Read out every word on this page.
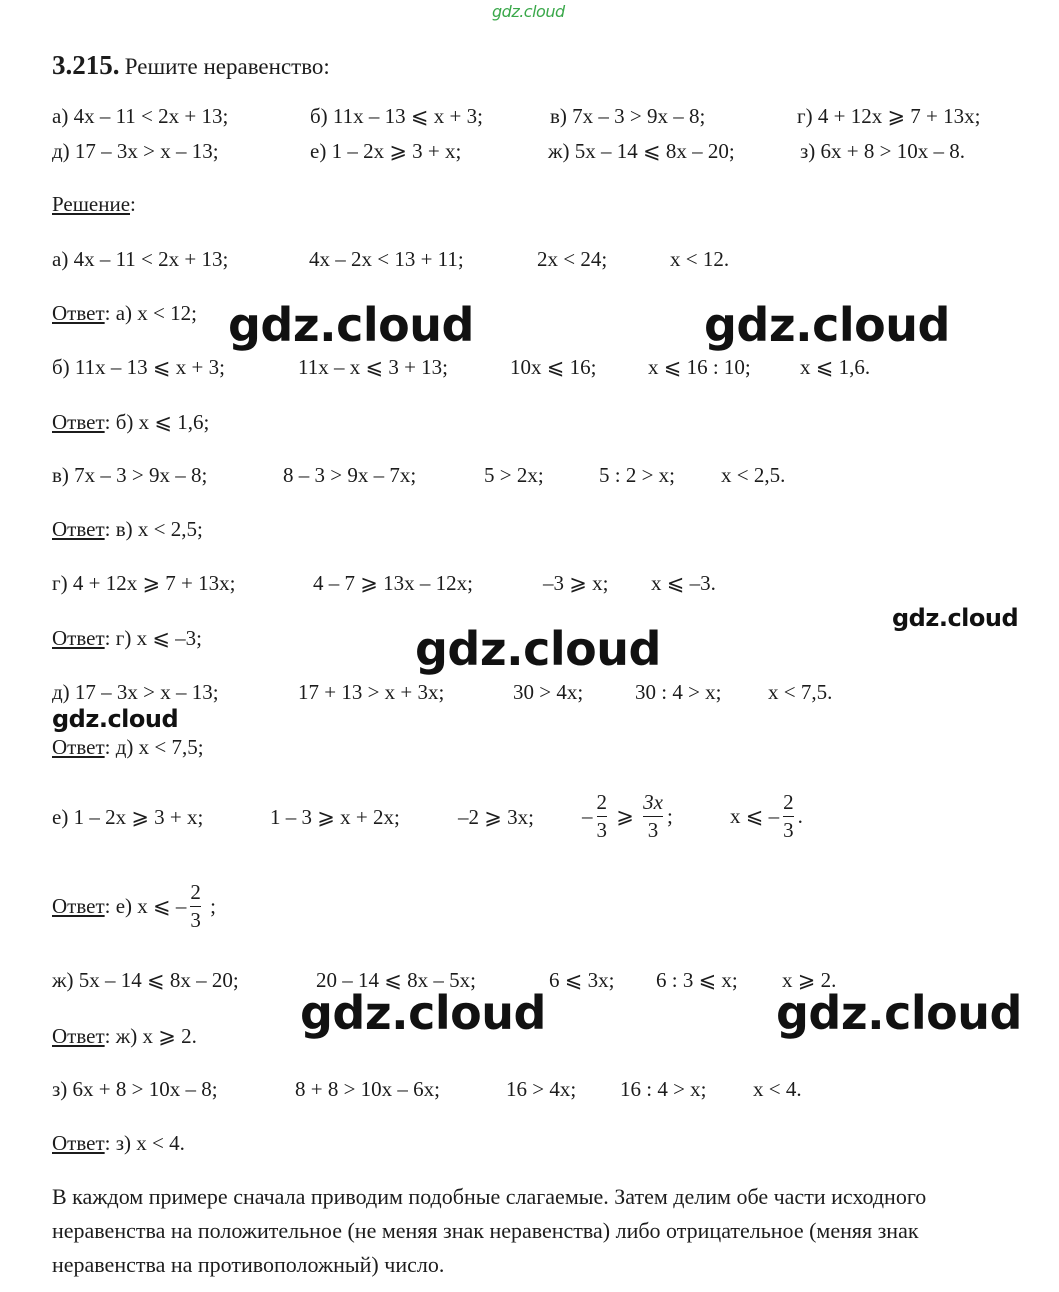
gdz.cloud
3.215. Решите неравенство:
а) 4x – 11 < 2x + 13;	б) 11x – 13 ⩽ x + 3;	в) 7x – 3 > 9x – 8;	г) 4 + 12x ⩾ 7 + 13x;
д) 17 – 3x > x – 13;	е) 1 – 2x ⩾ 3 + x;	ж) 5x – 14 ⩽ 8x – 20;	з) 6x + 8 > 10x – 8.
Решение:
а) 4x – 11 < 2x + 13;	4x – 2x < 13 + 11;	2x < 24;	x < 12.
Ответ: а) x < 12;
б) 11x – 13 ⩽ x + 3;	11x – x ⩽ 3 + 13;	10x ⩽ 16; x ⩽ 16 : 10; x ⩽ 1,6.
Ответ: б) x ⩽ 1,6;
в) 7x – 3 > 9x – 8;	8 – 3 > 9x – 7x;	5 > 2x;	5 : 2 > x; x < 2,5.
Ответ: в) x < 2,5;
г) 4 + 12x ⩾ 7 + 13x;	4 – 7 ⩾ 13x – 12x;	–3 ⩾ x; x ⩽ –3.
Ответ: г) x ⩽ –3;
д) 17 – 3x > x – 13;	17 + 13 > x + 3x;	30 > 4x; 30 : 4 > x; x < 7,5.
Ответ: д) x < 7,5;
е) 1 – 2x ⩾ 3 + x;	1 – 3 ⩾ x + 2x;	–2 ⩾ 3x; – $\frac{2}{3}$ ⩾ $\frac{3x}{3}$ ;	x ⩽ – $\frac{2}{3}$ .
Ответ: е) x ⩽ – $\frac{2}{3}$ ;
ж) 5x – 14 ⩽ 8x – 20;	20 – 14 ⩽ 8x – 5x;	6 ⩽ 3x; 6 : 3 ⩽ x; x ⩾ 2.
Ответ: ж) x ⩾ 2.
з) 6x + 8 > 10x – 8;	8 + 8 > 10x – 6x;	16 > 4x; 16 : 4 > x; x < 4.
Ответ: з) x < 4.
В каждом примере сначала приводим подобные слагаемые. Затем делим обе части исходного неравенства на положительное (не меняя знак неравенства) либо отрицательное (меняя знак неравенства на противоположный) число.
gdz.cloud	gdz.cloud
gdz.cloud
gdz.cloud
gdz.cloud
gdz.cloud	gdz.cloud
